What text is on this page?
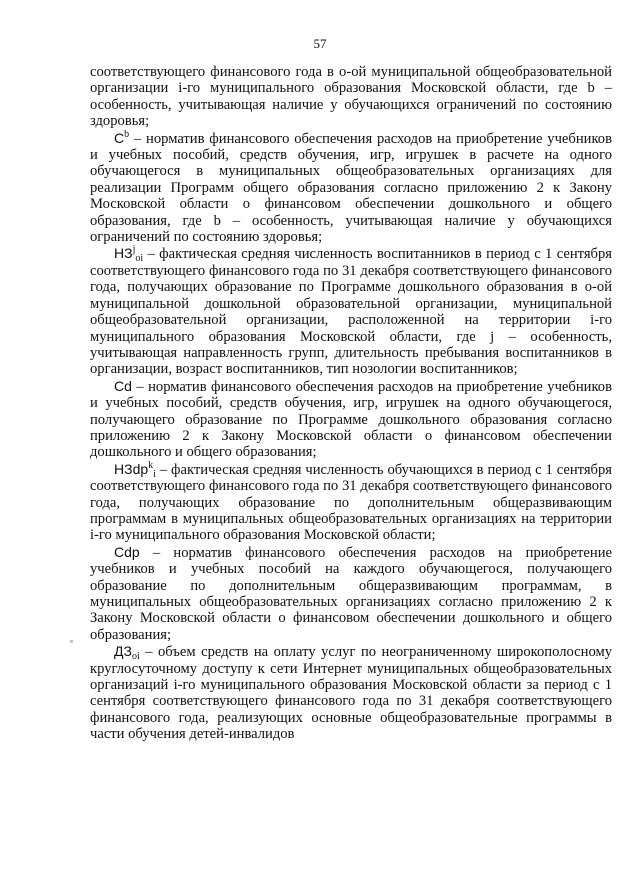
57

соответствующего финансового года в о-ой муниципальной общеобразовательной организации i-го муниципального образования Московской области, где b – особенность, учитывающая наличие у обучающихся ограничений по состоянию здоровья;

$С^b$ – норматив финансового обеспечения расходов на приобретение учебников и учебных пособий, средств обучения, игр, игрушек в расчете на одного обучающегося в муниципальных общеобразовательных организациях для реализации Программ общего образования согласно приложению 2 к Закону Московской области о финансовом обеспечении дошкольного и общего образования, где b – особенность, учитывающая наличие у обучающихся ограничений по состоянию здоровья;

$НЗ^j_{oi}$ – фактическая средняя численность воспитанников в период с 1 сентября соответствующего финансового года по 31 декабря соответствующего финансового года, получающих образование по Программе дошкольного образования в о-ой муниципальной дошкольной образовательной организации, муниципальной общеобразовательной организации, расположенной на территории i-го муниципального образования Московской области, где j – особенность, учитывающая направленность групп, длительность пребывания воспитанников в организации, возраст воспитанников, тип нозологии воспитанников;

Сd – норматив финансового обеспечения расходов на приобретение учебников и учебных пособий, средств обучения, игр, игрушек на одного обучающегося, получающего образование по Программе дошкольного образования согласно приложению 2 к Закону Московской области о финансовом обеспечении дошкольного и общего образования;

НЗdp$^k_i$ – фактическая средняя численность обучающихся в период с 1 сентября соответствующего финансового года по 31 декабря соответствующего финансового года, получающих образование по дополнительным общеразвивающим программам в муниципальных общеобразовательных организациях на территории i-го муниципального образования Московской области;

Сdp – норматив финансового обеспечения расходов на приобретение учебников и учебных пособий на каждого обучающегося, получающего образование по дополнительным общеразвивающим программам, в муниципальных общеобразовательных организациях согласно приложению 2 к Закону Московской области о финансовом обеспечении дошкольного и общего образования;

$ДЗ_{oi}$ – объем средств на оплату услуг по неограниченному широкополосному круглосуточному доступу к сети Интернет муниципальных общеобразовательных организаций i-го муниципального образования Московской области за период с 1 сентября соответствующего финансового года по 31 декабря соответствующего финансового года, реализующих основные общеобразовательные программы в части обучения детей-инвалидов
